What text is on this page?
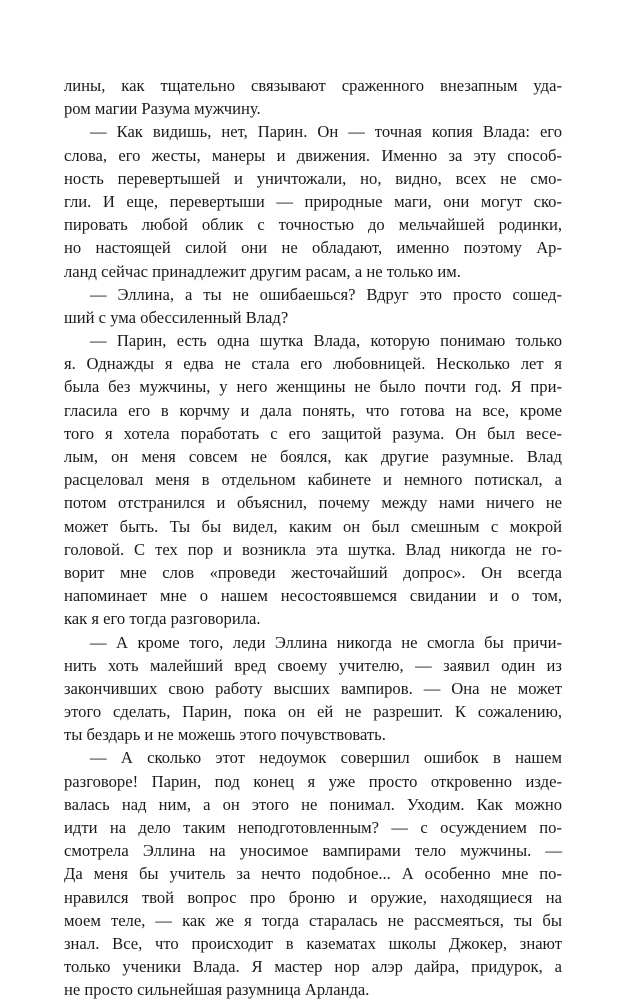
лины, как тщательно связывают сраженного внезапным уда-
ром магии Разума мужчину.
— Как видишь, нет, Парин. Он — точная копия Влада: его
слова, его жесты, манеры и движения. Именно за эту способ-
ность перевертышей и уничтожали, но, видно, всех не смо-
гли. И еще, перевертыши — природные маги, они могут ско-
пировать любой облик с точностью до мельчайшей родинки,
но настоящей силой они не обладают, именно поэтому Ар-
ланд сейчас принадлежит другим расам, а не только им.
— Эллина, а ты не ошибаешься? Вдруг это просто сошед-
ший с ума обессиленный Влад?
— Парин, есть одна шутка Влада, которую понимаю только
я. Однажды я едва не стала его любовницей. Несколько лет я
была без мужчины, у него женщины не было почти год. Я при-
гласила его в корчму и дала понять, что готова на все, кроме
того я хотела поработать с его защитой разума. Он был весе-
лым, он меня совсем не боялся, как другие разумные. Влад
расцеловал меня в отдельном кабинете и немного потискал, а
потом отстранился и объяснил, почему между нами ничего не
может быть. Ты бы видел, каким он был смешным с мокрой
головой. С тех пор и возникла эта шутка. Влад никогда не го-
ворит мне слов «проведи жесточайший допрос». Он всегда
напоминает мне о нашем несостоявшемся свидании и о том,
как я его тогда разговорила.
— А кроме того, леди Эллина никогда не смогла бы причи-
нить хоть малейший вред своему учителю, — заявил один из
закончивших свою работу высших вампиров. — Она не может
этого сделать, Парин, пока он ей не разрешит. К сожалению,
ты бездарь и не можешь этого почувствовать.
— А сколько этот недоумок совершил ошибок в нашем
разговоре! Парин, под конец я уже просто откровенно изде-
валась над ним, а он этого не понимал. Уходим. Как можно
идти на дело таким неподготовленным? — с осуждением по-
смотрела Эллина на уносимое вампирами тело мужчины. —
Да меня бы учитель за нечто подобное... А особенно мне по-
нравился твой вопрос про броню и оружие, находящиеся на
моем теле, — как же я тогда старалась не рассмеяться, ты бы
знал. Все, что происходит в казематах школы Джокер, знают
только ученики Влада. Я мастер нор алэр дайра, придурок, а
не просто сильнейшая разумница Арланда.
